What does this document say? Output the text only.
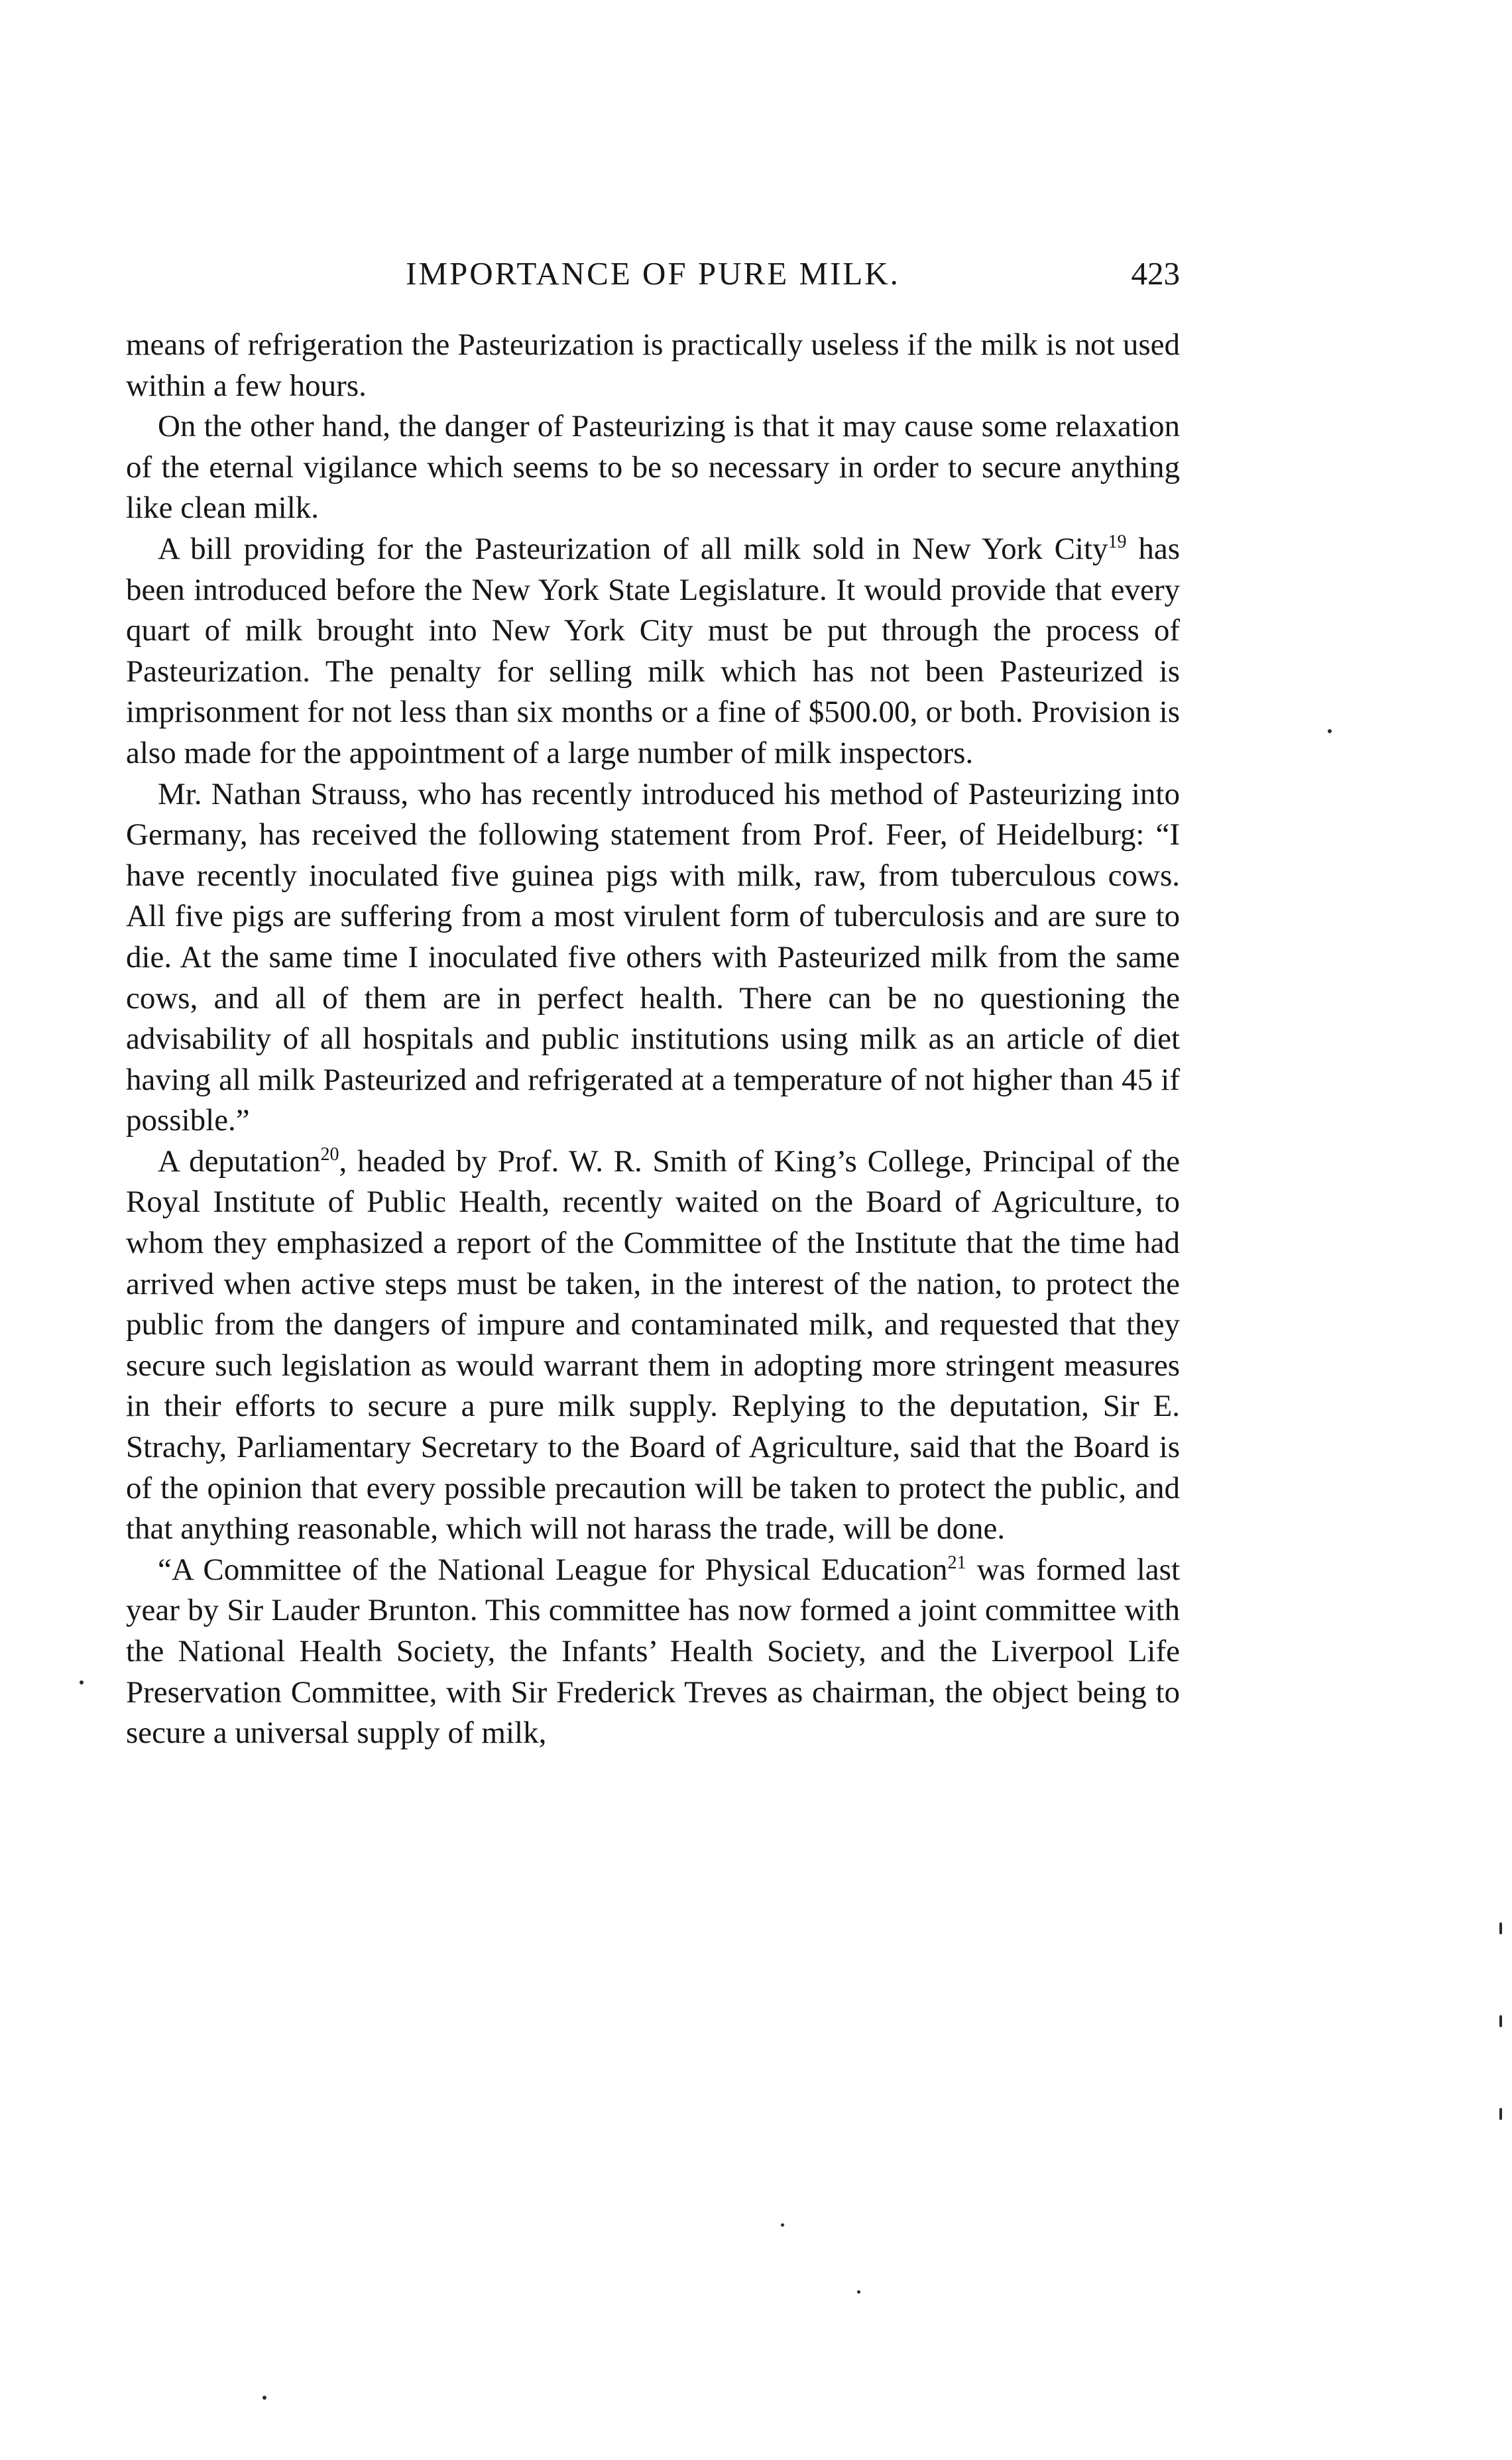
IMPORTANCE OF PURE MILK.	423

means of refrigeration the Pasteurization is practically useless if the milk is not used within a few hours.

On the other hand, the danger of Pasteurizing is that it may cause some relaxation of the eternal vigilance which seems to be so necessary in order to secure anything like clean milk.

A bill providing for the Pasteurization of all milk sold in New York City$^{19}$ has been introduced before the New York State Legislature. It would provide that every quart of milk brought into New York City must be put through the process of Pasteurization. The penalty for selling milk which has not been Pasteurized is imprisonment for not less than six months or a fine of $500.00, or both. Provision is also made for the appointment of a large number of milk inspectors.

Mr. Nathan Strauss, who has recently introduced his method of Pasteurizing into Germany, has received the following statement from Prof. Feer, of Heidelburg: “I have recently inoculated five guinea pigs with milk, raw, from tuberculous cows. All five pigs are suffering from a most virulent form of tuberculosis and are sure to die. At the same time I inoculated five others with Pasteurized milk from the same cows, and all of them are in perfect health. There can be no questioning the advisability of all hospitals and public institutions using milk as an article of diet having all milk Pasteurized and refrigerated at a temperature of not higher than 45 if possible.”

A deputation$^{20}$, headed by Prof. W. R. Smith of King’s College, Principal of the Royal Institute of Public Health, recently waited on the Board of Agriculture, to whom they emphasized a report of the Committee of the Institute that the time had arrived when active steps must be taken, in the interest of the nation, to protect the public from the dangers of impure and contaminated milk, and requested that they secure such legislation as would warrant them in adopting more stringent measures in their efforts to secure a pure milk supply. Replying to the deputation, Sir E. Strachy, Parliamentary Secretary to the Board of Agriculture, said that the Board is of the opinion that every possible precaution will be taken to protect the public, and that anything reasonable, which will not harass the trade, will be done.

“A Committee of the National League for Physical Education$^{21}$ was formed last year by Sir Lauder Brunton. This committee has now formed a joint committee with the National Health Society, the Infants’ Health Society, and the Liverpool Life Preservation Committee, with Sir Frederick Treves as chairman, the object being to secure a universal supply of milk,
